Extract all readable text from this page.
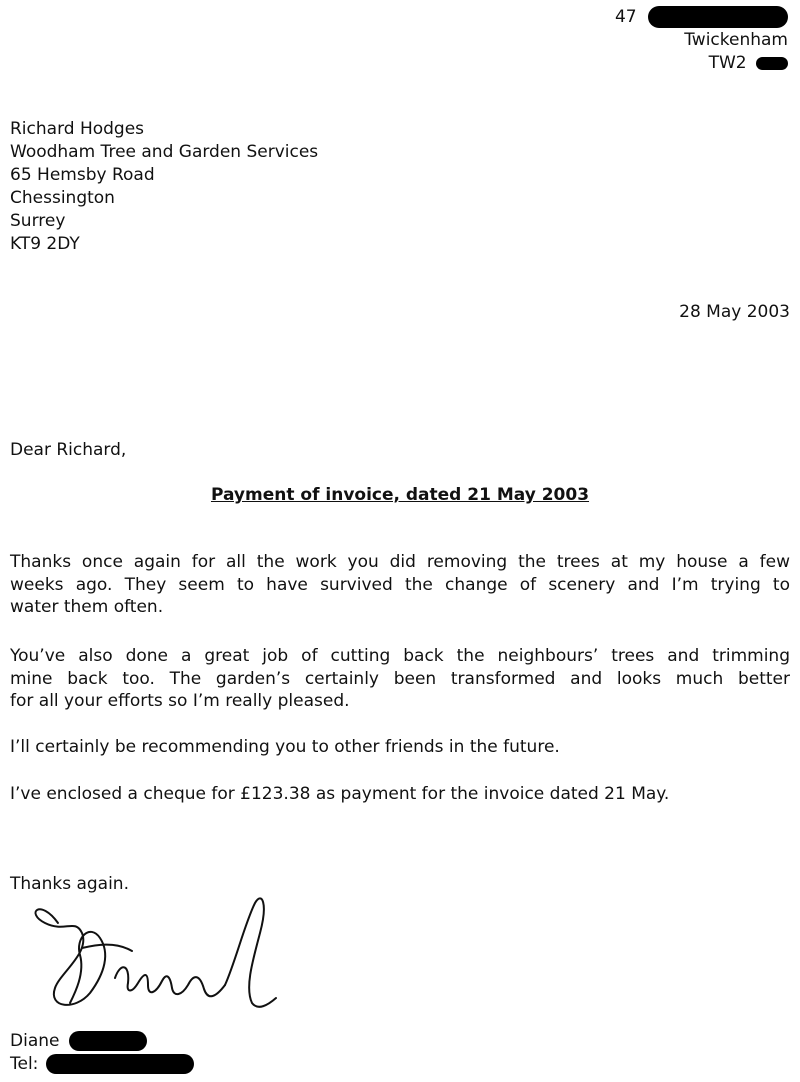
47
Twickenham
TW2
Richard Hodges
Woodham Tree and Garden Services
65 Hemsby Road
Chessington
Surrey
KT9 2DY
28 May 2003
Dear Richard,
Payment of invoice, dated 21 May 2003
Thanks once again for all the work you did removing the trees at my house a few
weeks ago. They seem to have survived the change of scenery and I’m trying to
water them often.
You’ve also done a great job of cutting back the neighbours’ trees and trimming
mine back too. The garden’s certainly been transformed and looks much better
for all your efforts so I’m really pleased.
I’ll certainly be recommending you to other friends in the future.
I’ve enclosed a cheque for £123.38 as payment for the invoice dated 21 May.
Thanks again.
Diane
Tel:
